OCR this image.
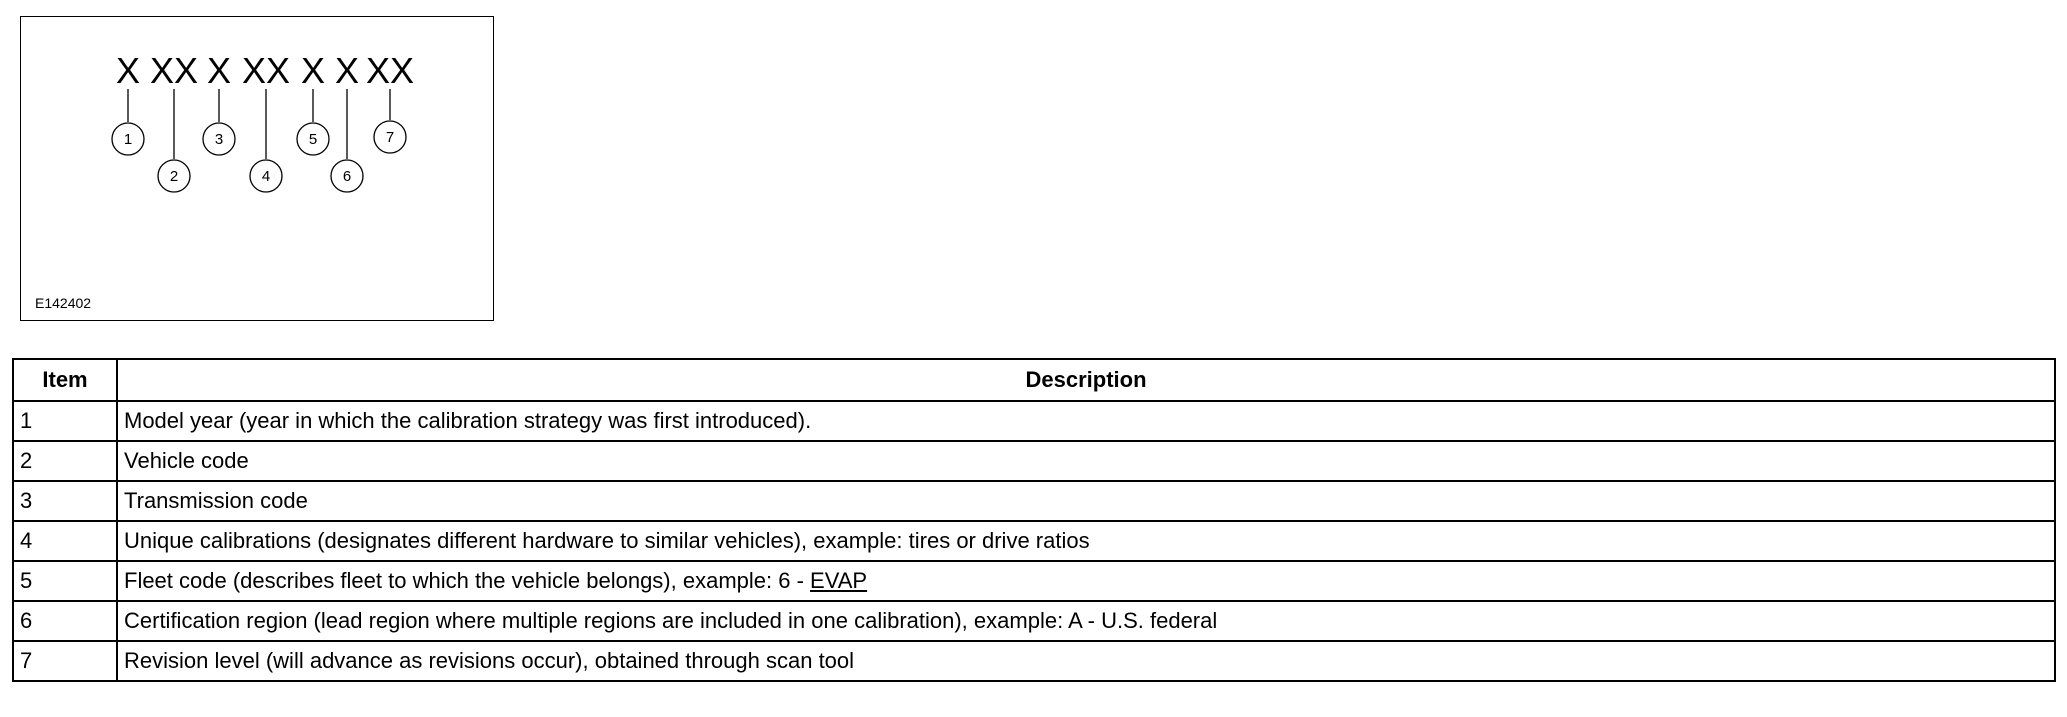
X XX X XX X X XX
1
2
3
4
5
6
7
E142402
Item	Description
1	Model year (year in which the calibration strategy was first introduced).
2	Vehicle code
3	Transmission code
4	Unique calibrations (designates different hardware to similar vehicles), example: tires or drive ratios
5	Fleet code (describes fleet to which the vehicle belongs), example: 6 - EVAP
6	Certification region (lead region where multiple regions are included in one calibration), example: A - U.S. federal
7	Revision level (will advance as revisions occur), obtained through scan tool
